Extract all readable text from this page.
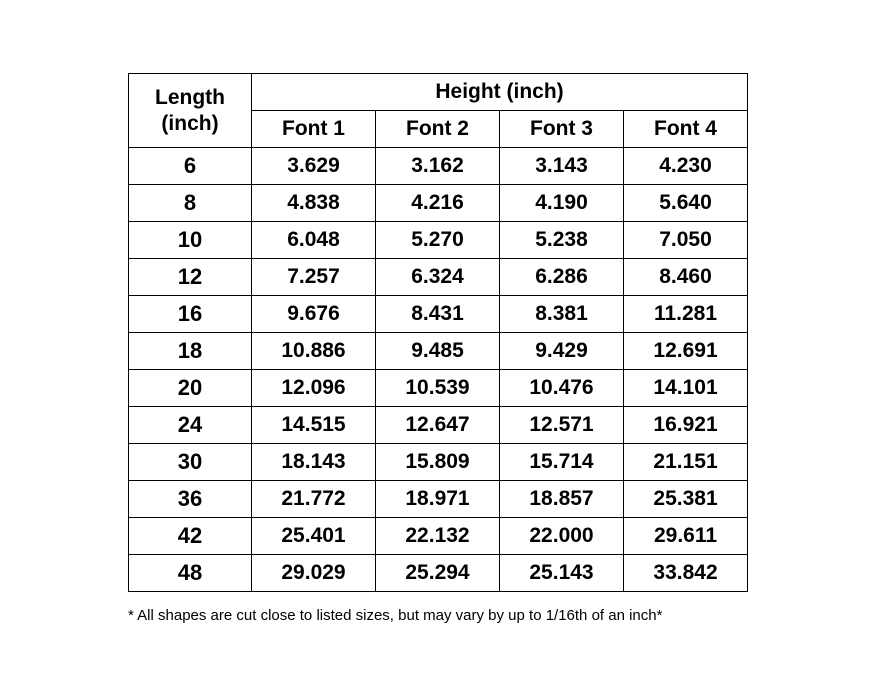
Length
(inch)	Height (inch)			
	Font 1	Font 2	Font 3	Font 4
6	3.629	3.162	3.143	4.230
8	4.838	4.216	4.190	5.640
10	6.048	5.270	5.238	7.050
12	7.257	6.324	6.286	8.460
16	9.676	8.431	8.381	11.281
18	10.886	9.485	9.429	12.691
20	12.096	10.539	10.476	14.101
24	14.515	12.647	12.571	16.921
30	18.143	15.809	15.714	21.151
36	21.772	18.971	18.857	25.381
42	25.401	22.132	22.000	29.611
48	29.029	25.294	25.143	33.842
* All shapes are cut close to listed sizes, but may vary by up to 1/16th of an inch*
